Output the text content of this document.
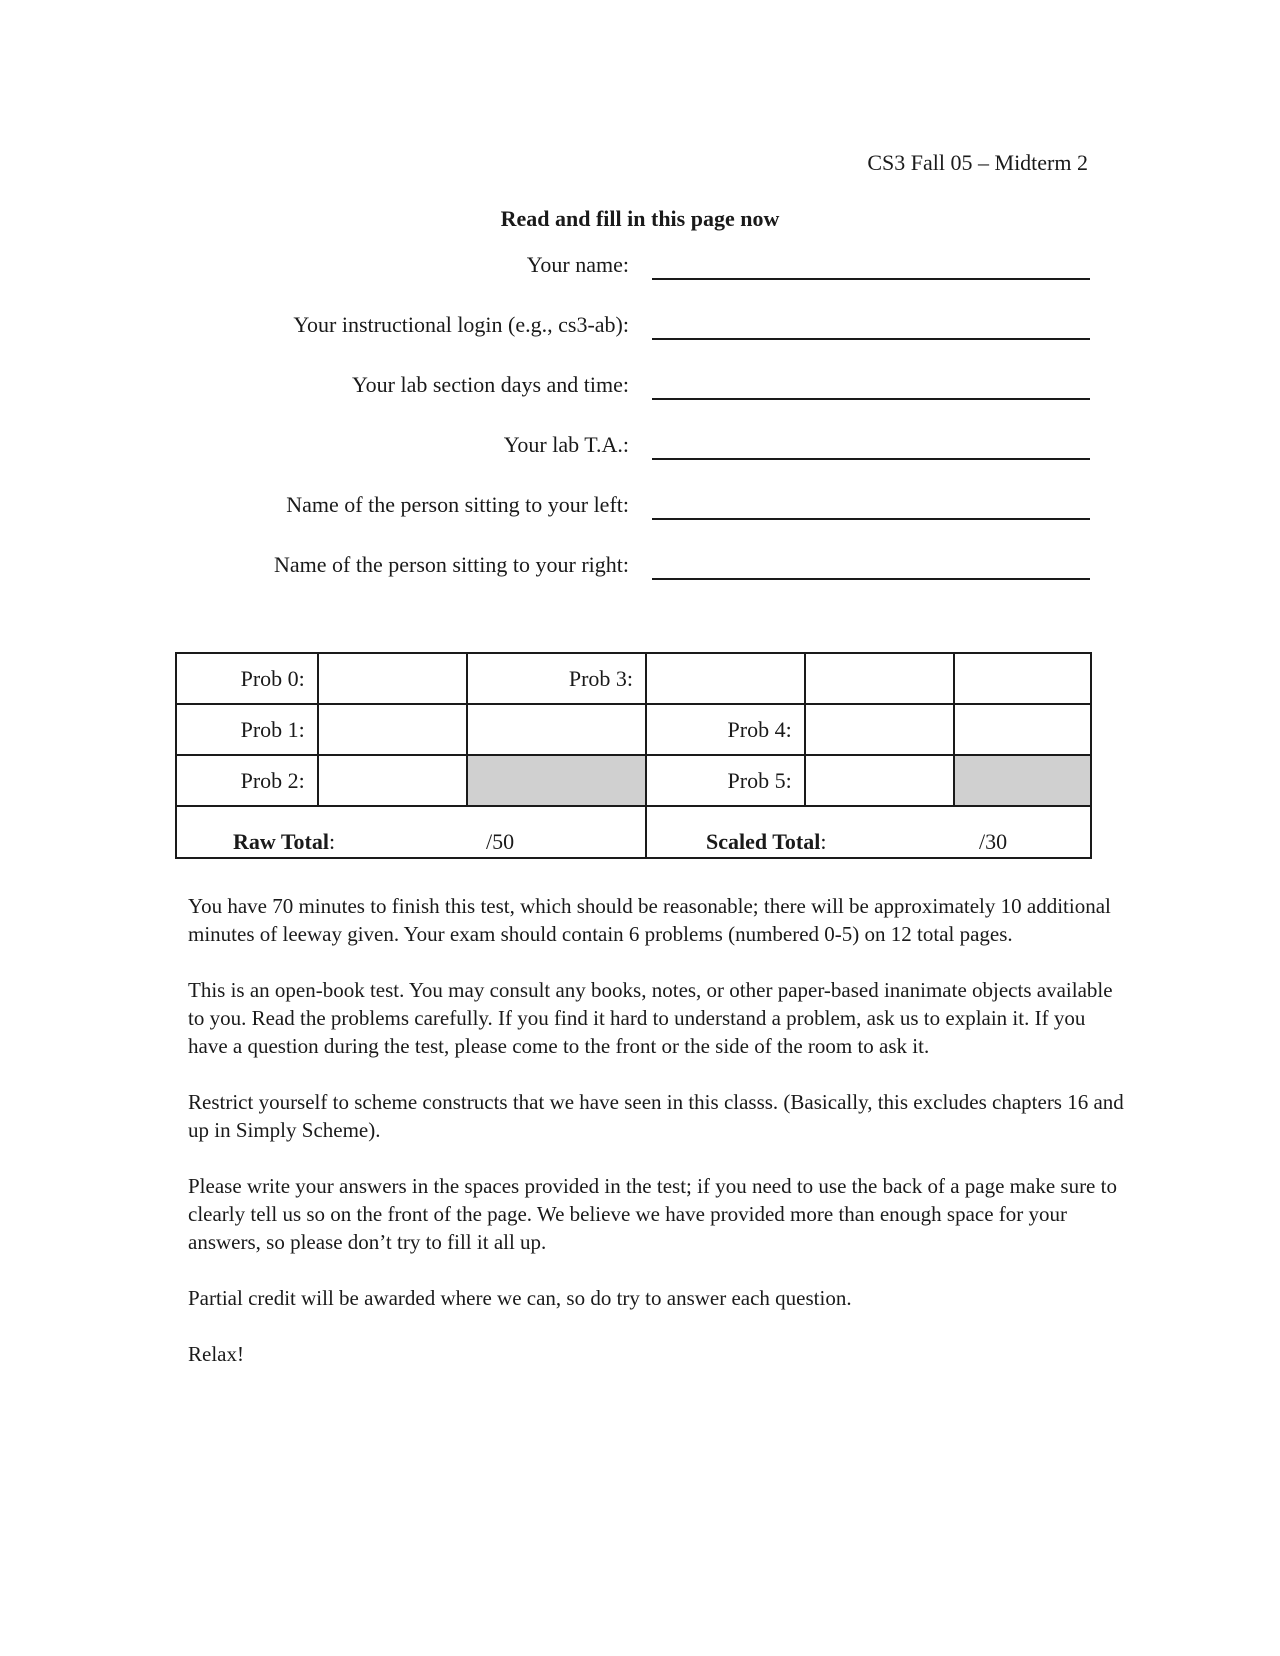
CS3 Fall 05 – Midterm 2
Read and fill in this page now
Your name:
Your instructional login (e.g., cs3-ab):
Your lab section days and time:
Your lab T.A.:
Name of the person sitting to your left:
Name of the person sitting to your right:
Prob 0:		Prob 3:			
Prob 1:			Prob 4:		
Prob 2:			Prob 5:		

Raw Total: /50			Scaled Total: /30		

You have 70 minutes to finish this test, which should be reasonable; there will be approximately 10 additional minutes of leeway given. Your exam should contain 6 problems (numbered 0-5) on 12 total pages.

This is an open-book test. You may consult any books, notes, or other paper-based inanimate objects available to you. Read the problems carefully. If you find it hard to understand a problem, ask us to explain it. If you have a question during the test, please come to the front or the side of the room to ask it.

Restrict yourself to scheme constructs that we have seen in this classs. (Basically, this excludes chapters 16 and up in Simply Scheme).

Please write your answers in the spaces provided in the test; if you need to use the back of a page make sure to clearly tell us so on the front of the page. We believe we have provided more than enough space for your answers, so please don’t try to fill it all up.

Partial credit will be awarded where we can, so do try to answer each question.

Relax!
